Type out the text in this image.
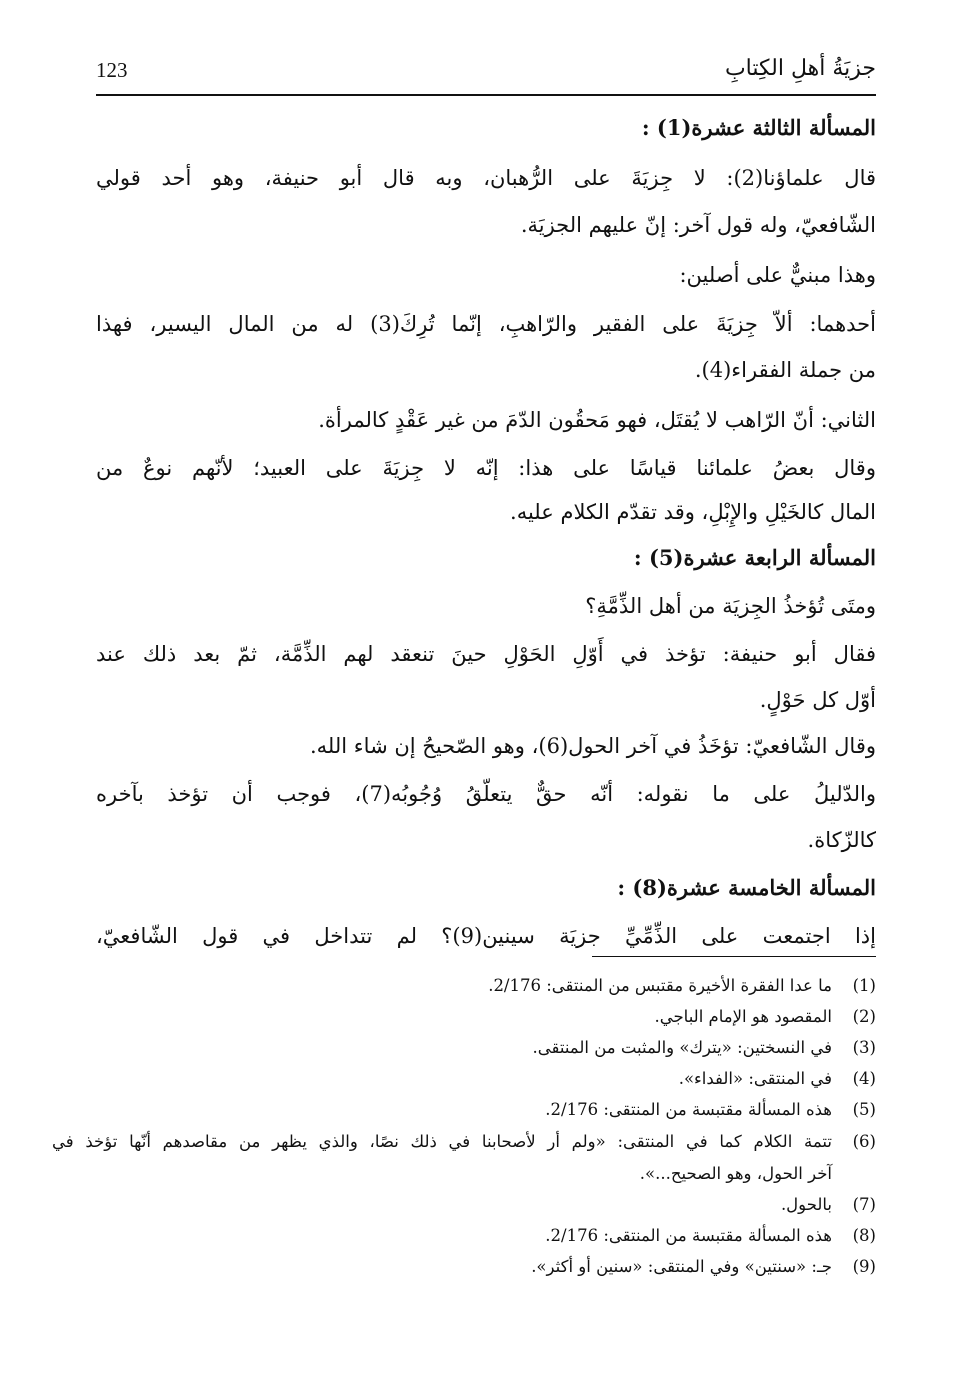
جزيَةُ أهلِ الكِتابِ
123
المسألة الثالثة عشرة(1) :
قال علماؤنا(2): لا جِزيَةَ على الرُّهبان، وبه قال أبو حنيفة، وهو أحد قولي
الشّافعيّ، وله قول آخر: إنّ عليهم الجزيَة.
وهذا مبنيٌّ على أصلين:
أحدهما: ألاّ جِزيَةَ على الفقير والرّاهبِ، إنّما تُرِكَ(3) له من المال اليسير، فهذا
من جملة الفقراء(4).
الثاني: أنّ الرّاهب لا يُقتَل، فهو مَحقُون الدّمَ من غير عَقْدٍ كالمرأة.
وقال بعضُ علمائنا قياسًا على هذا: إنّه لا جِزيَةَ على العبيد؛ لأنّهم نوعٌ من
المال كالخَيْلِ والإِبْلِ، وقد تقدّم الكلام عليه.
المسألة الرابعة عشرة(5) :
ومتَى تُؤخذُ الجِزيَة من أهل الذِّمَّةِ؟
فقال أبو حنيفة: تؤخذ في أَوّلِ الحَوْلِ حينَ تنعقد لهم الذِّمَّة، ثمّ بعد ذلك عند
أوّل كل حَوْلٍ.
وقال الشّافعيّ: تؤخَذُ في آخر الحول(6)، وهو الصّحيحُ إن شاء الله.
والدّليلُ على ما نقوله: أنّه حقٌّ يتعلّقُ وُجُوبُه(7)، فوجب أن تؤخذ بآخره
كالزّكاة.
المسألة الخامسة عشرة(8) :
إذا اجتمعت على الذِّمِّيِّ جزيَة سينين(9)؟ لم تتداخل في قول الشّافعيّ،
(1)
ما عدا الفقرة الأخيرة مقتبس من المنتقى: 2/176.
(2)
المقصود هو الإمام الباجي.
(3)
في النسختين: «يترك» والمثبت من المنتقى.
(4)
في المنتقى: «الفداء».
(5)
هذه المسألة مقتبسة من المنتقى: 2/176.
(6)
تتمة الكلام كما في المنتقى: «ولم أر لأصحابنا في ذلك نصًا، والذي يظهر من مقاصدهم أنّها تؤخذ في
آخر الحول، وهو الصحيح...».
(7)
بالحول.
(8)
هذه المسألة مقتبسة من المنتقى: 2/176.
(9)
جـ: «سنتين» وفي المنتقى: «سنين أو أكثر».
